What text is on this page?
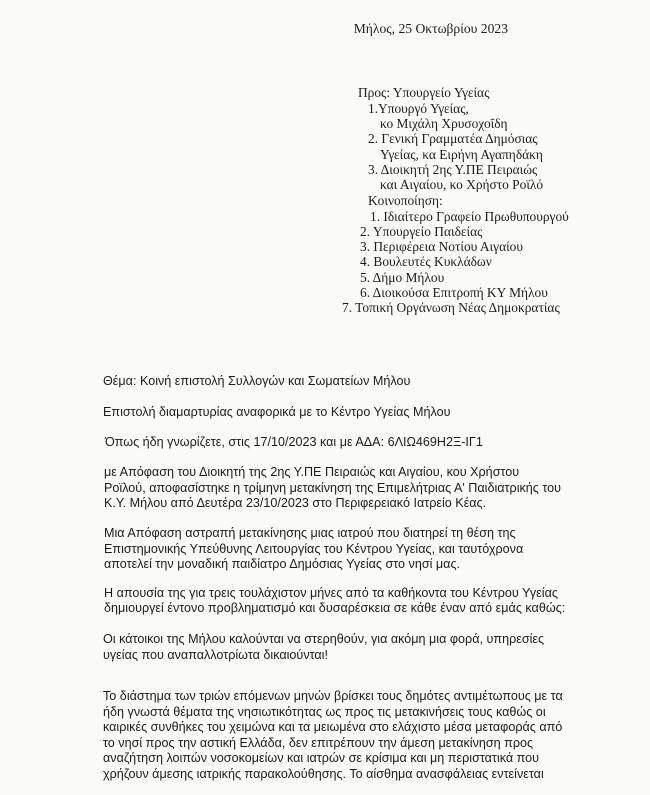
Μήλος, 25 Οκτωβρίου 2023
Προς: Υπουργείο Υγείας
1.Υπουργό Υγείας,
κο Μιχάλη Χρυσοχοΐδη
2. Γενική Γραμματέα Δημόσιας
Υγείας, κα Ειρήνη Αγαπηδάκη
3. Διοικητή 2ης Υ.ΠΕ Πειραιώς
και Αιγαίου, κο Χρήστο Ροϊλό
Κοινοποίηση:
1. Ιδιαίτερο Γραφείο Πρωθυπουργού
2. Υπουργείο Παιδείας
3. Περιφέρεια Νοτίου Αιγαίου
4. Βουλευτές Κυκλάδων
5. Δήμο Μήλου
6. Διοικούσα Επιτροπή ΚΥ Μήλου
7. Τοπική Οργάνωση Νέας Δημοκρατίας
Θέμα: Κοινή επιστολή Συλλογών και Σωματείων Μήλου
Επιστολή διαμαρτυρίας αναφορικά με το Κέντρο Υγείας Μήλου
Όπως ήδη γνωρίζετε, στις 17/10/2023 και με ΑΔΑ: 6ΛΙΩ469Η2Ξ-ΙΓ1
με Απόφαση του Διοικητή της 2ης Υ.ΠΕ Πειραιώς και Αιγαίου, κου Χρήστου
Ροϊλού, αποφασίστηκε η τρίμηνη μετακίνηση της Επιμελήτριας Α' Παιδιατρικής του
Κ.Υ. Μήλου από Δευτέρα 23/10/2023 στο Περιφερειακό Ιατρείο Κέας.
Μια Απόφαση αστραπή μετακίνησης μιας ιατρού που διατηρεί τη θέση της
Επιστημονικής Υπεύθυνης Λειτουργίας του Κέντρου Υγείας, και ταυτόχρονα
αποτελεί την μοναδική παιδίατρο Δημόσιας Υγείας στο νησί μας.
Η απουσία της για τρεις τουλάχιστον μήνες από τα καθήκοντα του Κέντρου Υγείας
δημιουργεί έντονο προβληματισμό και δυσαρέσκεια σε κάθε έναν από εμάς καθώς:
Οι κάτοικοι της Μήλου καλούνται να στερηθούν, για ακόμη μια φορά, υπηρεσίες
υγείας που αναπαλλοτρίωτα δικαιούνται!
Το διάστημα των τριών επόμενων μηνών βρίσκει τους δημότες αντιμέτωπους με τα
ήδη γνωστά θέματα της νησιωτικότητας ως προς τις μετακινήσεις τους καθώς οι
καιρικές συνθήκες του χειμώνα και τα μειωμένα στο ελάχιστο μέσα μεταφοράς από
το νησί προς την αστική Ελλάδα, δεν επιτρέπουν την άμεση μετακίνηση προς
αναζήτηση λοιπών νοσοκομείων και ιατρών σε κρίσιμα και μη περιστατικά που
χρήζουν άμεσης ιατρικής παρακολούθησης. Το αίσθημα ανασφάλειας εντείνεται
